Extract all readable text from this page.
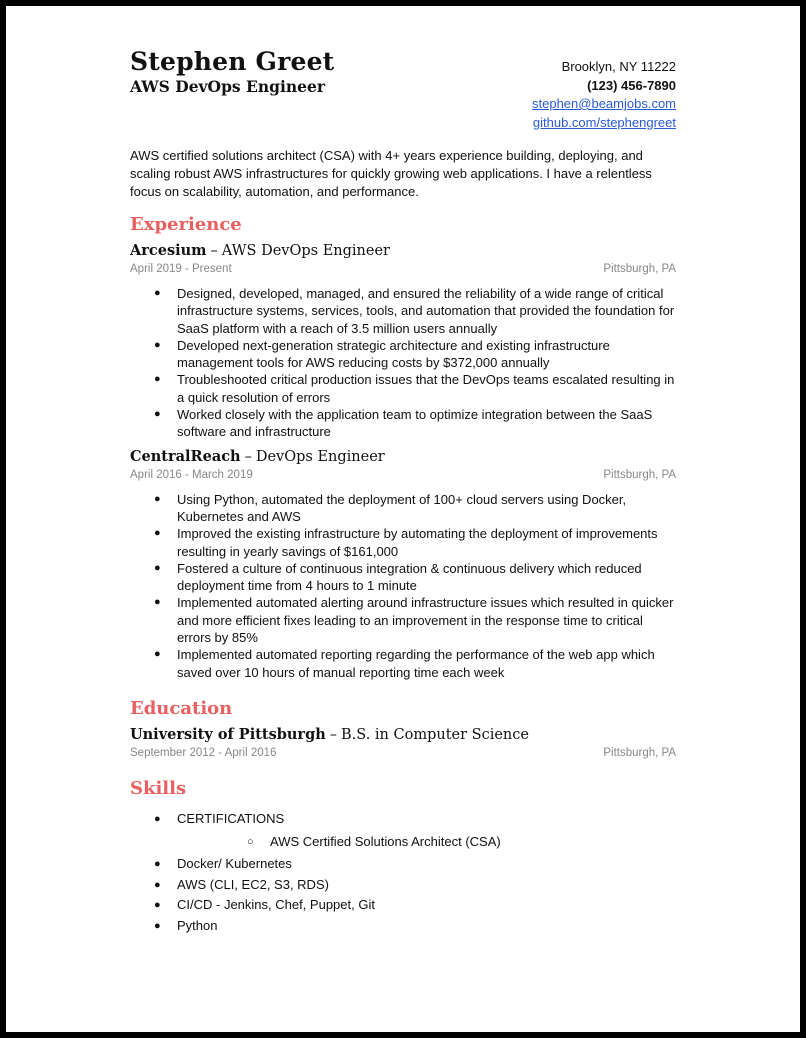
Stephen Greet
AWS DevOps Engineer
Brooklyn, NY 11222
(123) 456-7890
stephen@beamjobs.com
github.com/stephengreet
AWS certified solutions architect (CSA) with 4+ years experience building, deploying, and scaling robust AWS infrastructures for quickly growing web applications. I have a relentless focus on scalability, automation, and performance.
Experience
Arcesium – AWS DevOps Engineer
April 2019 - Present	Pittsburgh, PA
● Designed, developed, managed, and ensured the reliability of a wide range of critical infrastructure systems, services, tools, and automation that provided the foundation for SaaS platform with a reach of 3.5 million users annually
● Developed next-generation strategic architecture and existing infrastructure management tools for AWS reducing costs by $372,000 annually
● Troubleshooted critical production issues that the DevOps teams escalated resulting in a quick resolution of errors
● Worked closely with the application team to optimize integration between the SaaS software and infrastructure
CentralReach – DevOps Engineer
April 2016 - March 2019	Pittsburgh, PA
● Using Python, automated the deployment of 100+ cloud servers using Docker, Kubernetes and AWS
● Improved the existing infrastructure by automating the deployment of improvements resulting in yearly savings of $161,000
● Fostered a culture of continuous integration & continuous delivery which reduced deployment time from 4 hours to 1 minute
● Implemented automated alerting around infrastructure issues which resulted in quicker and more efficient fixes leading to an improvement in the response time to critical errors by 85%
● Implemented automated reporting regarding the performance of the web app which saved over 10 hours of manual reporting time each week
Education
University of Pittsburgh – B.S. in Computer Science
September 2012 - April 2016	Pittsburgh, PA
Skills
● CERTIFICATIONS
○ AWS Certified Solutions Architect (CSA)
● Docker/ Kubernetes
● AWS (CLI, EC2, S3, RDS)
● CI/CD - Jenkins, Chef, Puppet, Git
● Python
